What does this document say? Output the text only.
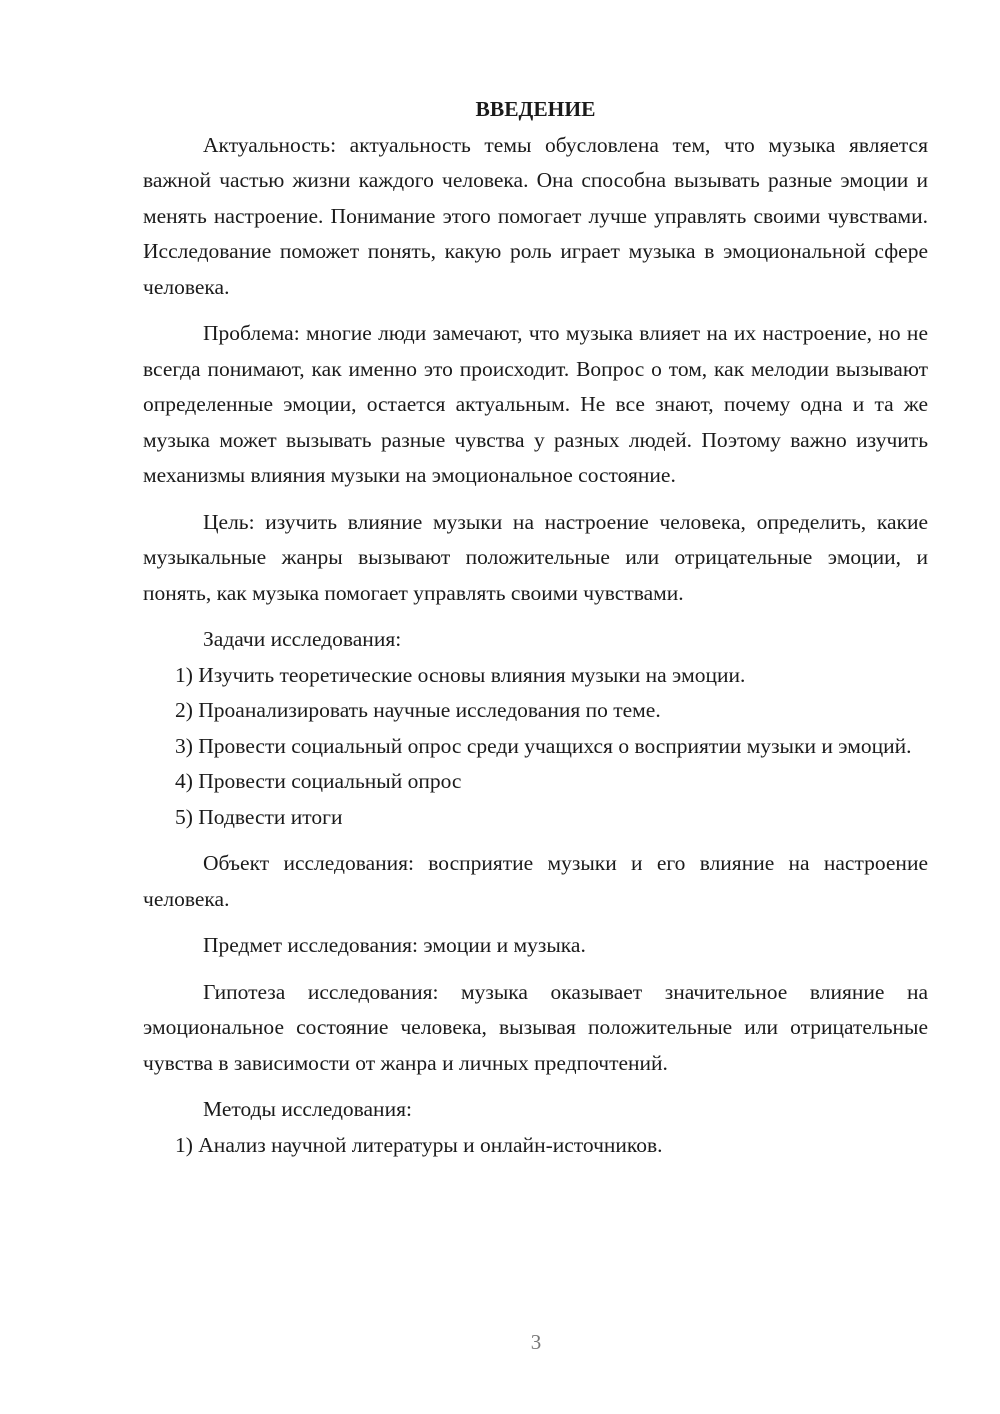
ВВЕДЕНИЕ

Актуальность: актуальность темы обусловлена тем, что музыка является важной частью жизни каждого человека. Она способна вызывать разные эмоции и менять настроение. Понимание этого помогает лучше управлять своими чувствами. Исследование поможет понять, какую роль играет музыка в эмоциональной сфере человека.

Проблема: многие люди замечают, что музыка влияет на их настроение, но не всегда понимают, как именно это происходит. Вопрос о том, как мелодии вызывают определенные эмоции, остается актуальным. Не все знают, почему одна и та же музыка может вызывать разные чувства у разных людей. Поэтому важно изучить механизмы влияния музыки на эмоциональное состояние.

Цель: изучить влияние музыки на настроение человека, определить, какие музыкальные жанры вызывают положительные или отрицательные эмоции, и понять, как музыка помогает управлять своими чувствами.

Задачи исследования:

1) Изучить теоретические основы влияния музыки на эмоции.

2) Проанализировать научные исследования по теме.

3) Провести социальный опрос среди учащихся о восприятии музыки и эмоций.

4) Провести социальный опрос

5) Подвести итоги

Объект исследования: восприятие музыки и его влияние на настроение человека.

Предмет исследования: эмоции и музыка.

Гипотеза исследования: музыка оказывает значительное влияние на эмоциональное состояние человека, вызывая положительные или отрицательные чувства в зависимости от жанра и личных предпочтений.

Методы исследования:

1) Анализ научной литературы и онлайн-источников.

3
